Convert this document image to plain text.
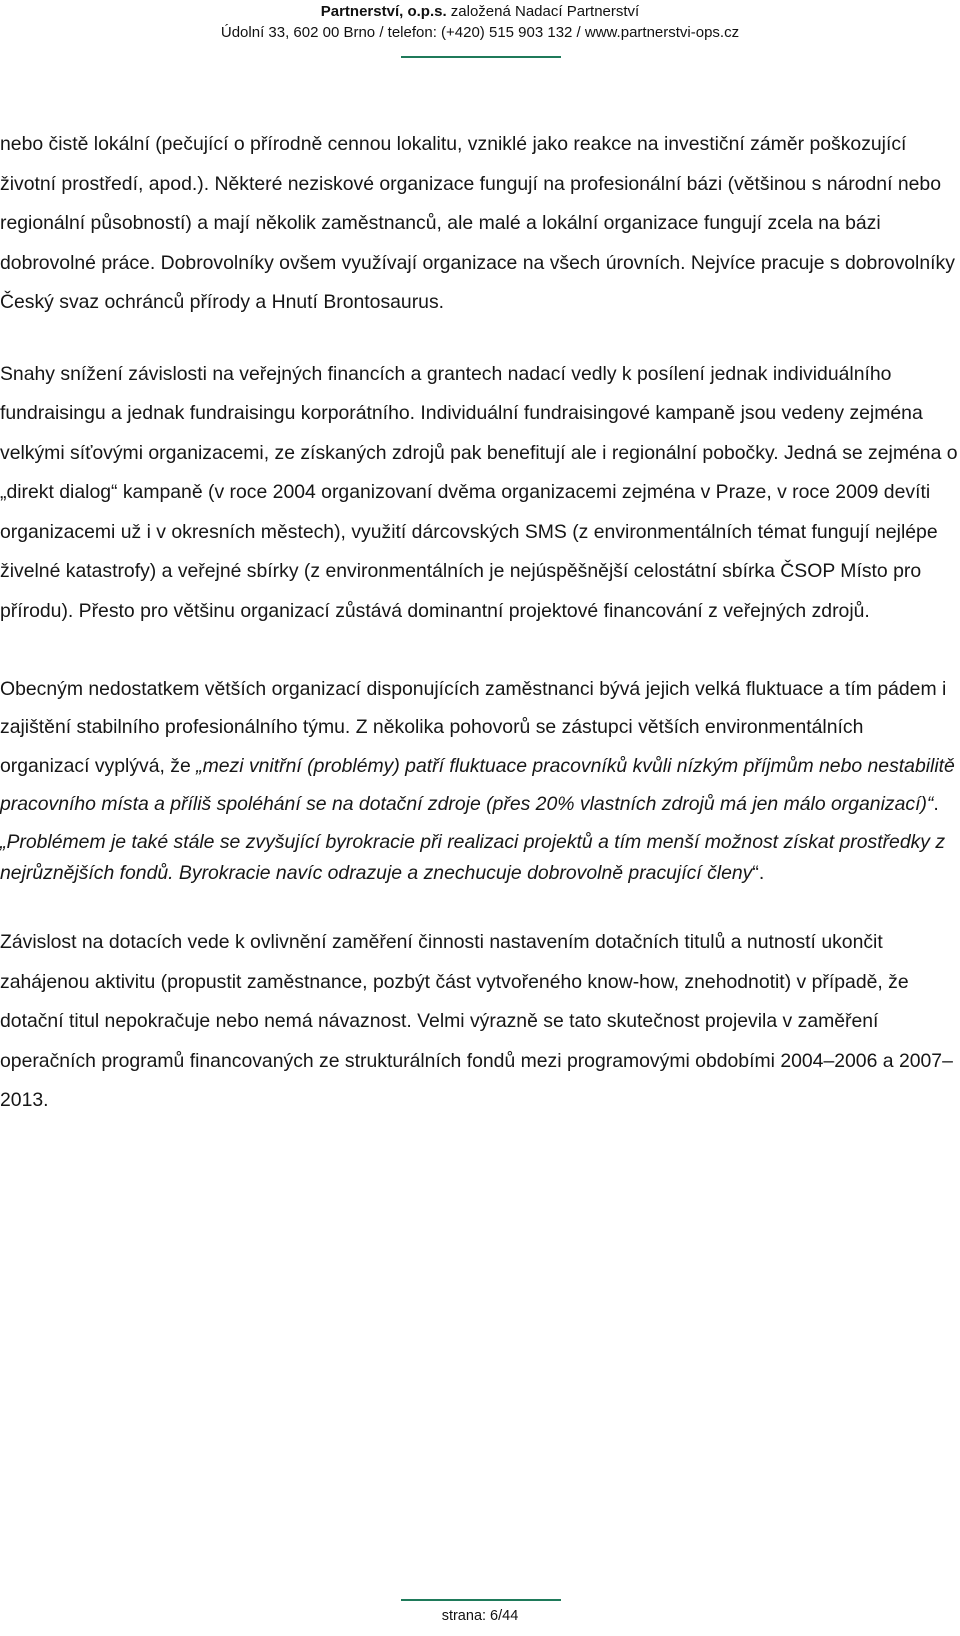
Partnerství, o.p.s. založená Nadací Partnerství
Údolní 33, 602 00 Brno / telefon: (+420) 515 903 132 / www.partnerstvi-ops.cz

nebo čistě lokální (pečující o přírodně cennou lokalitu, vzniklé jako reakce na investiční záměr poškozující životní prostředí, apod.). Některé neziskové organizace fungují na profesionální bázi (většinou s národní nebo regionální působností) a mají několik zaměstnanců, ale malé a lokální organizace fungují zcela na bázi dobrovolné práce. Dobrovolníky ovšem využívají organizace na všech úrovních. Nejvíce pracuje s dobrovolníky Český svaz ochránců přírody a Hnutí Brontosaurus.

Snahy snížení závislosti na veřejných financích a grantech nadací vedly k posílení jednak individuálního fundraisingu a jednak fundraisingu korporátního. Individuální fundraisingové kampaně jsou vedeny zejména velkými síťovými organizacemi, ze získaných zdrojů pak benefitují ale i regionální pobočky. Jedná se zejména o „direkt dialog“ kampaně (v roce 2004 organizovaní dvěma organizacemi zejména v Praze, v roce 2009 devíti organizacemi už i v okresních městech), využití dárcovských SMS (z environmentálních témat fungují nejlépe živelné katastrofy) a veřejné sbírky (z environmentálních je nejúspěšnější celostátní sbírka ČSOP Místo pro přírodu). Přesto pro většinu organizací zůstává dominantní projektové financování z veřejných zdrojů.

Obecným nedostatkem větších organizací disponujících zaměstnanci bývá jejich velká fluktuace a tím pádem i zajištění stabilního profesionálního týmu. Z několika pohovorů se zástupci větších environmentálních organizací vyplývá, že „mezi vnitřní (problémy) patří fluktuace pracovníků kvůli nízkým příjmům nebo nestabilitě pracovního místa a příliš spoléhání se na dotační zdroje (přes 20% vlastních zdrojů má jen málo organizací)“.
„Problémem je také stále se zvyšující byrokracie při realizaci projektů a tím menší možnost získat prostředky z nejrůznějších fondů. Byrokracie navíc odrazuje a znechucuje dobrovolně pracující členy“.

Závislost na dotacích vede k ovlivnění zaměření činnosti nastavením dotačních titulů a nutností ukončit zahájenou aktivitu (propustit zaměstnance, pozbýt část vytvořeného know-how, znehodnotit) v případě, že dotační titul nepokračuje nebo nemá návaznost. Velmi výrazně se tato skutečnost projevila v zaměření operačních programů financovaných ze strukturálních fondů mezi programovými obdobími 2004–2006 a 2007–2013.

strana: 6/44
